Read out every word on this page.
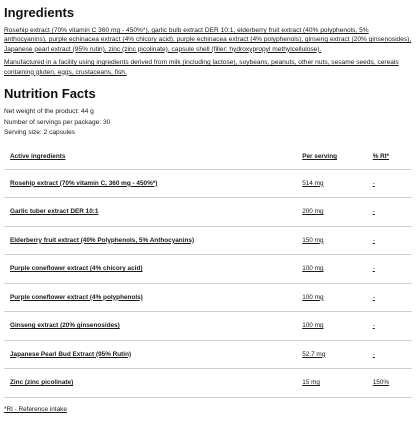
Ingredients

Rosehip extract (70% vitamin C 360 mg - 450%*), garlic bulb extract DER 10:1, elderberry fruit extract (40% polyphenols, 5% anthocyanins), purple echinacea extract (4% chicory acid), purple echinacea extract (4% polyphenols), ginseng extract (20% ginsenosides), Japanese pearl extract (95% rutin), zinc (zinc picolinate), capsule shell (filler: hydroxypropyl methylcellulose).

Manufactured in a facility using ingredients derived from milk (including lactose), soybeans, peanuts, other nuts, sesame seeds, cereals containing gluten, eggs, crustaceans, fish.

Nutrition Facts
Net weight of the product: 44 g
Number of servings per package: 30
Serving size: 2 capsules
Active ingredients	Per serving	% RI*
Rosehip extract (70% vitamin C, 360 mg - 450%*)	514 mg	-
Garlic tuber extract DER 10:1	200 mg	-
Elderberry fruit extract (40% Polyphenols, 5% Anthocyanins)	150 mg	-
Purple coneflower extract (4% chicory acid)	100 mg	-
Purple coneflower extract (4% polyphenols)	100 mg	-
Ginseng extract (20% ginsenosides)	100 mg	-
Japanese Pearl Bud Extract (95% Rutin)	52.7 mg	-
Zinc (zinc picolinate)	15 mg	150%
*RI - Reference intake
